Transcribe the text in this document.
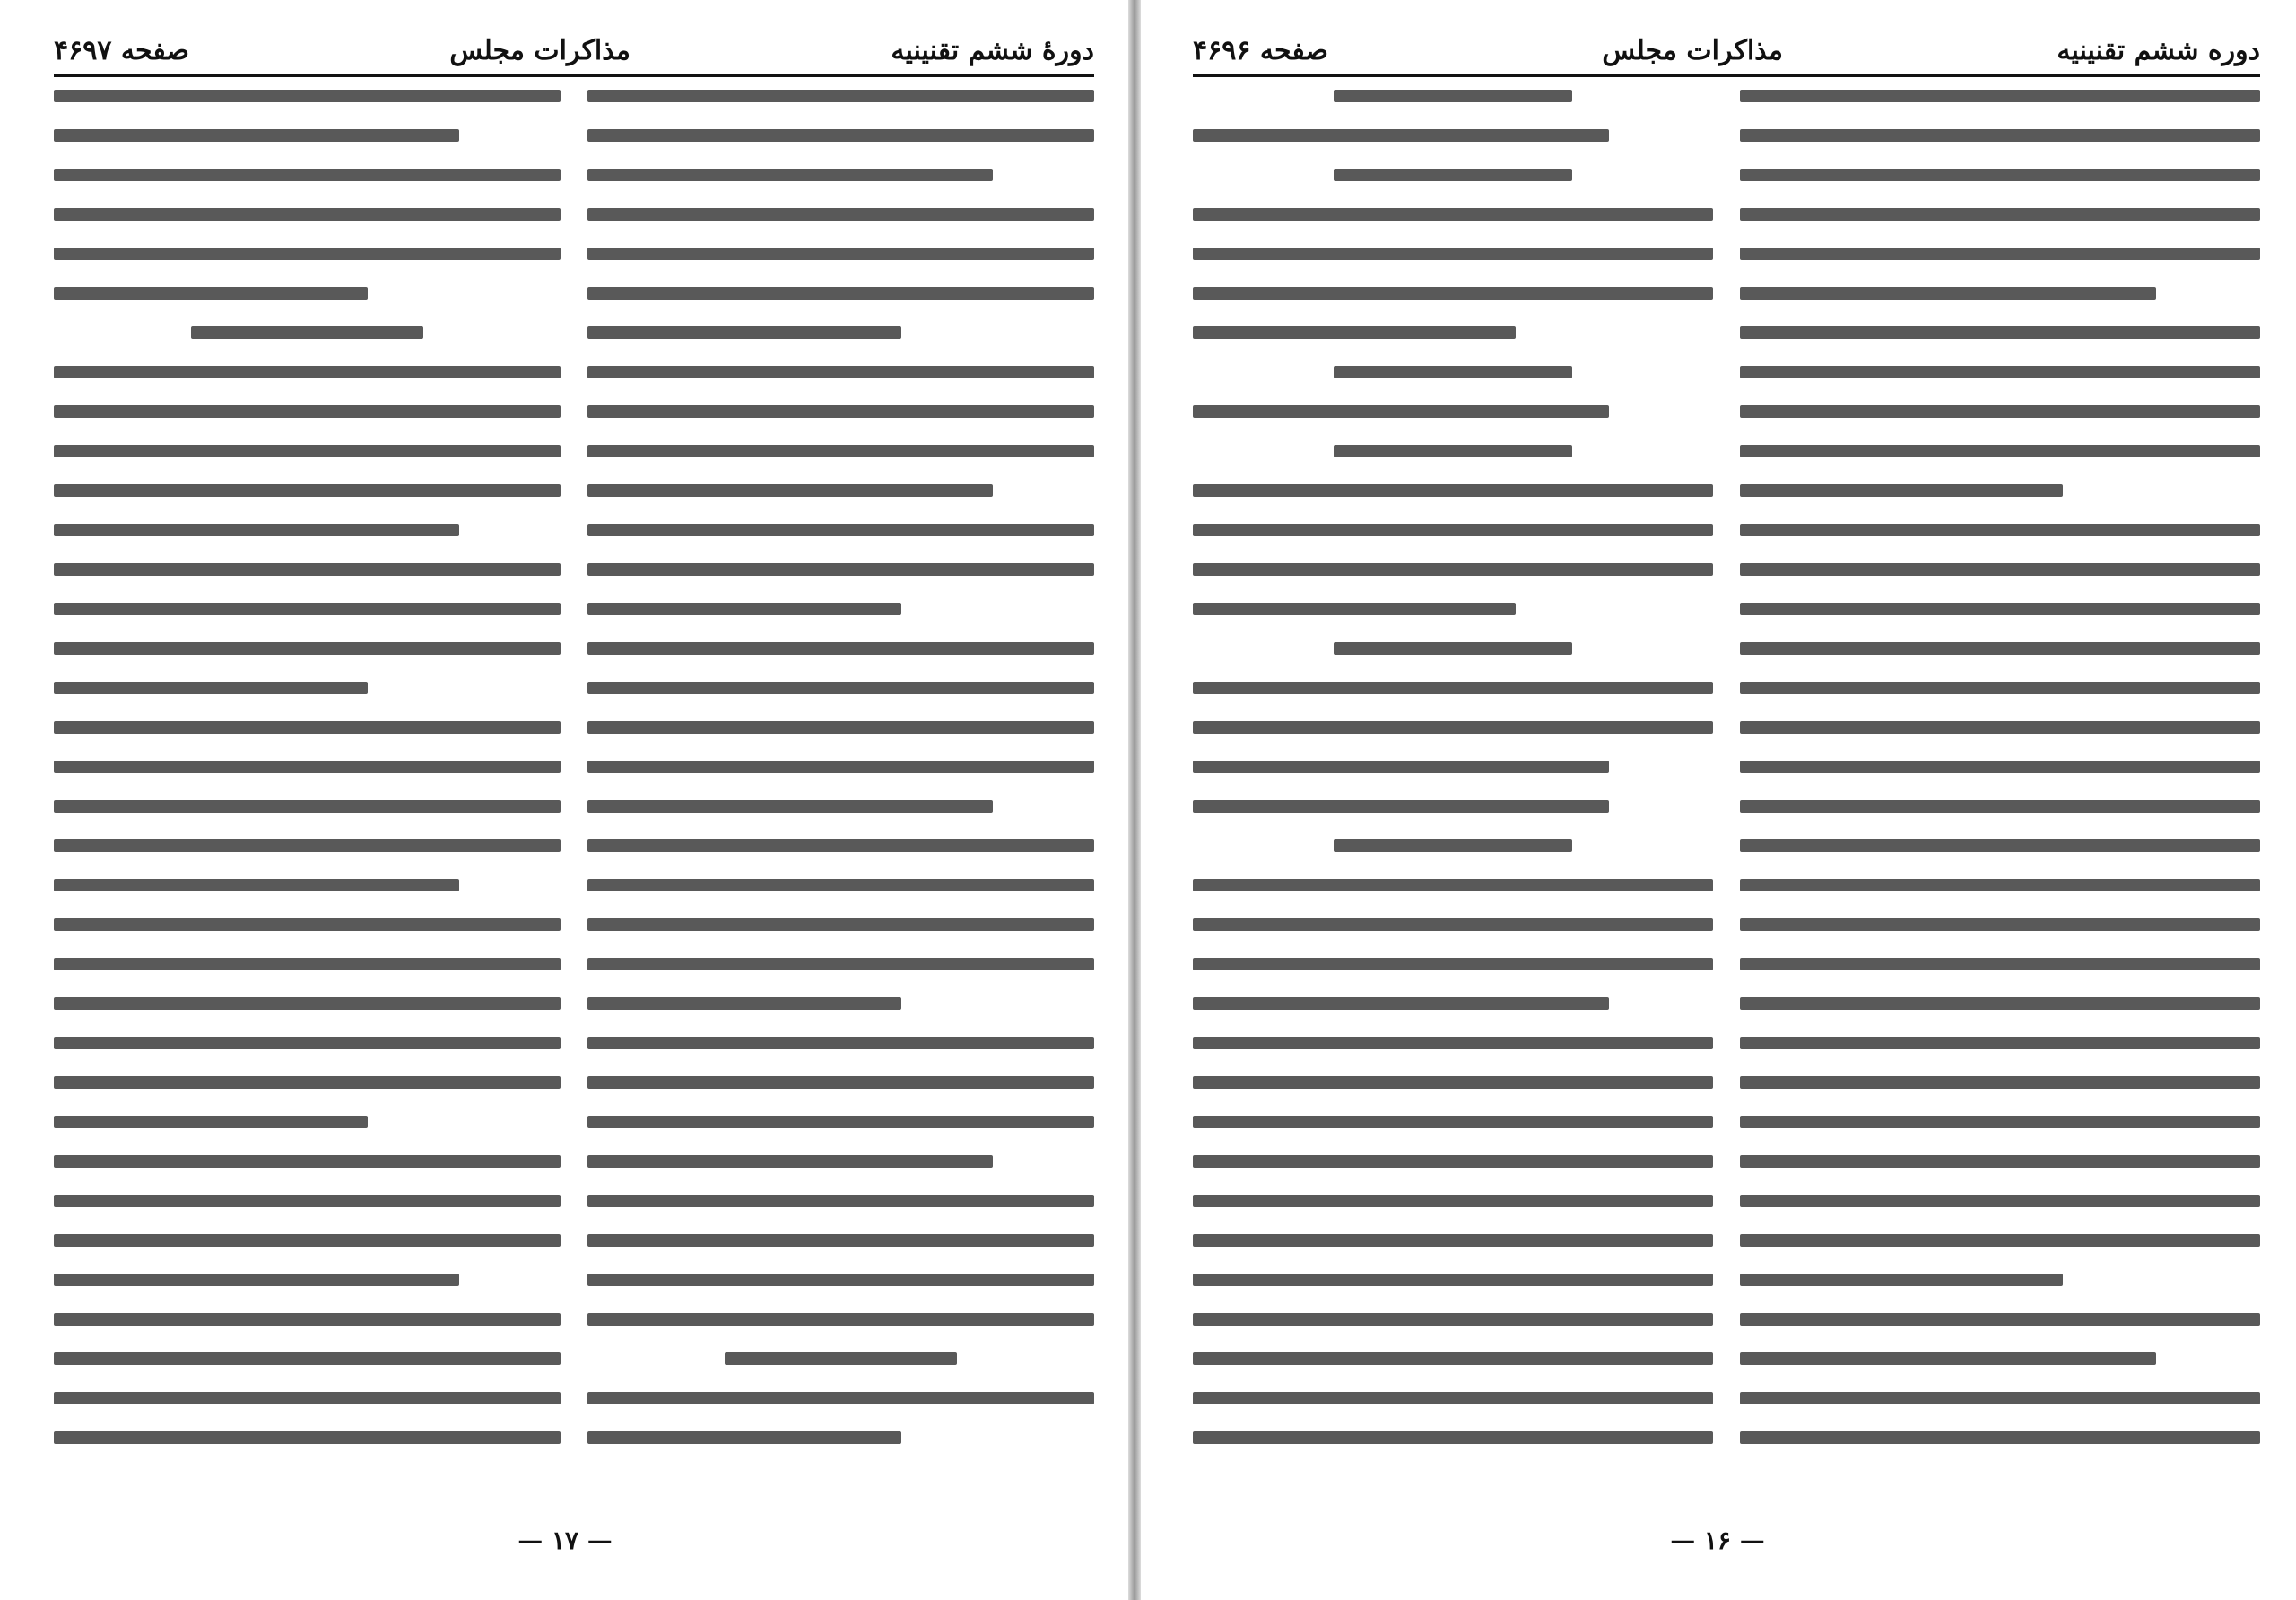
دورهٔ ششم تقنینیه
مذاکرات مجلس
صفحه ۴۶۹۷
— ۱۷ —
دوره ششم تقنینیه
مذاکرات مجلس
صفحه ۴۶۹۶
— ۱۶ —
